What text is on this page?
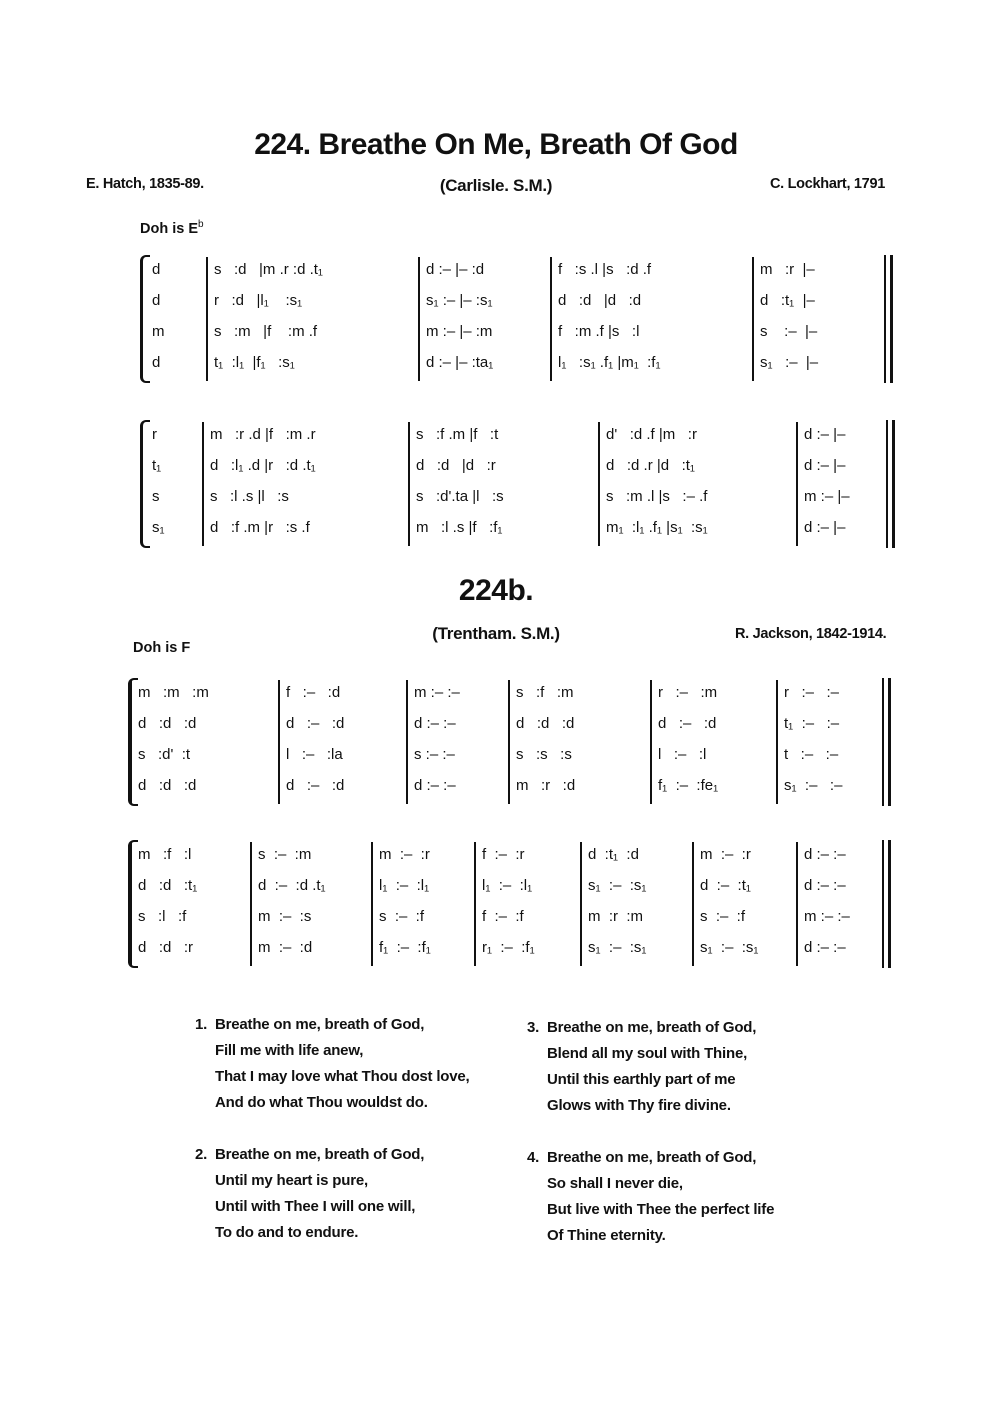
224. Breathe On Me, Breath Of God
E. Hatch, 1835-89.	(Carlisle. S.M.)	C. Lockhart, 1791
Doh is $E^b$
d	s   :d   |m .r :d .t₁	d :– |– :d	f   :s .l |s   :d .f	m   :r  |–
d	r   :d   |l₁    :s₁	s₁ :– |– :s₁	d   :d   |d   :d	d   :t₁  |–
m	s   :m   |f    :m .f	m :– |– :m	f   :m .f |s   :l	s    :–  |–
d	t₁  :l₁  |f₁   :s₁	d :– |– :ta₁	l₁   :s₁ .f₁ |m₁  :f₁	s₁   :–  |–
r	m   :r .d |f   :m .r	s   :f .m |f   :t	d'   :d .f |m   :r	d :– |–
t₁	d   :l₁ .d |r   :d .t₁	d   :d   |d   :r	d   :d .r |d   :t₁	d :– |–
s	s   :l .s |l   :s	s   :d'.ta |l   :s	s   :m .l |s   :– .f	m :– |–
s₁	d   :f .m |r   :s .f	m   :l .s |f   :f₁	m₁  :l₁ .f₁ |s₁  :s₁	d :– |–
224b.
(Trentham. S.M.)	R. Jackson, 1842-1914.
Doh is F
m   :m   :m	f   :–   :d	m :– :–	s   :f   :m	r   :–   :m	r   :–   :–
d   :d   :d	d   :–   :d	d :– :–	d   :d   :d	d   :–   :d	t₁  :–   :–
s   :d'  :t	l   :–   :la	s :– :–	s   :s   :s	l   :–   :l	t   :–   :–
d   :d   :d	d   :–   :d	d :– :–	m   :r   :d	f₁  :–  :fe₁	s₁  :–   :–
m   :f   :l	s  :–  :m	m  :–  :r	f  :–  :r	d  :t₁  :d	m  :–  :r	d :– :–
d   :d   :t₁	d  :–  :d .t₁	l₁  :–  :l₁	l₁  :–  :l₁	s₁  :–  :s₁	d  :–  :t₁	d :– :–
s   :l   :f	m  :–  :s	s  :–  :f	f  :–  :f	m  :r  :m	s  :–  :f	m :– :–
d   :d   :r	m  :–  :d	f₁  :–  :f₁	r₁  :–  :f₁	s₁  :–  :s₁	s₁  :–  :s₁	d :– :–
1. Breathe on me, breath of God,
Fill me with life anew,
That I may love what Thou dost love,
And do what Thou wouldst do.
2. Breathe on me, breath of God,
Until my heart is pure,
Until with Thee I will one will,
To do and to endure.
3. Breathe on me, breath of God,
Blend all my soul with Thine,
Until this earthly part of me
Glows with Thy fire divine.
4. Breathe on me, breath of God,
So shall I never die,
But live with Thee the perfect life
Of Thine eternity.
